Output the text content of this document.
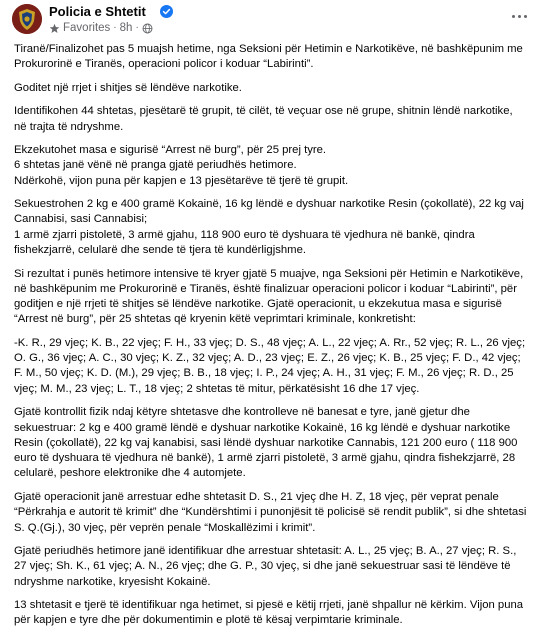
Policia e Shtetit
Favorites · 8h ·

Tiranë/Finalizohet pas 5 muajsh hetime, nga Seksioni për Hetimin e Narkotikëve, në bashkëpunim me Prokurorinë e Tiranës, operacioni policor i koduar “Labirinti”.

Goditet një rrjet i shitjes së lëndëve narkotike.

Identifikohen 44 shtetas, pjesëtarë të grupit, të cilët, të veçuar ose në grupe, shitnin lëndë narkotike, në trajta të ndryshme.

Ekzekutohet masa e sigurisë “Arrest në burg”, për 25 prej tyre.
6 shtetas janë vënë në pranga gjatë periudhës hetimore.
Ndërkohë, vijon puna për kapjen e 13 pjesëtarëve të tjerë të grupit.

Sekuestrohen 2 kg e 400 gramë Kokainë, 16 kg lëndë e dyshuar narkotike Resin (çokollatë), 22 kg vaj Cannabisi, sasi Cannabisi;
1 armë zjarri pistoletë, 3 armë gjahu, 118 900 euro të dyshuara të vjedhura në bankë, qindra fishekzjarrë, celularë dhe sende të tjera të kundërligjshme.

Si rezultat i punës hetimore intensive të kryer gjatë 5 muajve, nga Seksioni për Hetimin e Narkotikëve, në bashkëpunim me Prokurorinë e Tiranës, është finalizuar operacioni policor i koduar “Labirinti”, për goditjen e një rrjeti të shitjes së lëndëve narkotike. Gjatë operacionit, u ekzekutua masa e sigurisë “Arrest në burg”, për 25 shtetas që kryenin këtë veprimtari kriminale, konkretisht:

-K. R., 29 vjeç; K. B., 22 vjeç; F. H., 33 vjeç; D. S., 48 vjeç; A. L., 22 vjeç; A. Rr., 52 vjeç; R. L., 26 vjeç; O. G., 36 vjeç; A. C., 30 vjeç; K. Z., 32 vjeç; A. D., 23 vjeç; E. Z., 26 vjeç; K. B., 25 vjeç; F. D., 42 vjeç; F. M., 50 vjeç; K. D. (M.), 29 vjeç; B. B., 18 vjeç; I. P., 24 vjeç; A. H., 31 vjeç; F. M., 26 vjeç; R. D., 25 vjeç; M. M., 23 vjeç; L. T., 18 vjeç; 2 shtetas të mitur, përkatësisht 16 dhe 17 vjeç.

Gjatë kontrollit fizik ndaj këtyre shtetasve dhe kontrolleve në banesat e tyre, janë gjetur dhe sekuestruar: 2 kg e 400 gramë lëndë e dyshuar narkotike Kokainë, 16 kg lëndë e dyshuar narkotike Resin (çokollatë), 22 kg vaj kanabisi, sasi lëndë dyshuar narkotike Cannabis, 121 200 euro ( 118 900 euro të dyshuara të vjedhura në bankë), 1 armë zjarri pistoletë, 3 armë gjahu, qindra fishekzjarrë, 28 celularë, peshore elektronike dhe 4 automjete.

Gjatë operacionit janë arrestuar edhe shtetasit D. S., 21 vjeç dhe H. Z, 18 vjeç, për veprat penale “Përkrahja e autorit të krimit” dhe “Kundërshtimi i punonjësit të policisë së rendit publik”, si dhe shtetasi S. Q.(Gj.), 30 vjeç, për veprën penale “Moskallëzimi i krimit”.

Gjatë periudhës hetimore janë identifikuar dhe arrestuar shtetasit: A. L., 25 vjeç; B. A., 27 vjeç; R. S., 27 vjeç; Sh. K., 61 vjeç; A. N., 26 vjeç; dhe G. P., 30 vjeç, si dhe janë sekuestruar sasi të lëndëve të ndryshme narkotike, kryesisht Kokainë.

13 shtetasit e tjerë të identifikuar nga hetimet, si pjesë e këtij rrjeti, janë shpallur në kërkim. Vijon puna për kapjen e tyre dhe për dokumentimin e plotë të kësaj verpimtarie kriminale.
